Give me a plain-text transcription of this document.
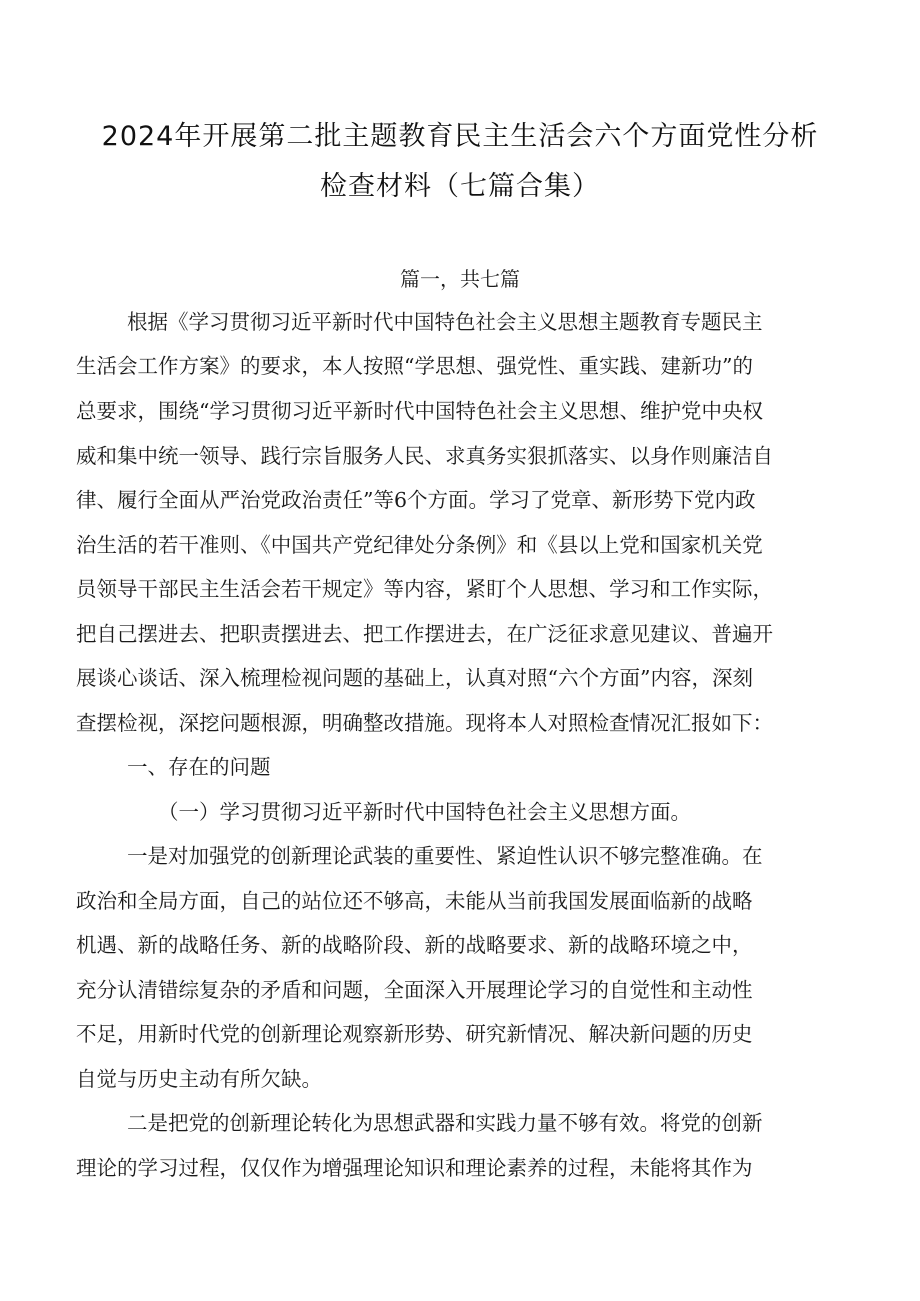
2024年开展第二批主题教育民主生活会六个方面党性分析
检查材料（七篇合集）
篇一，共七篇
根据《学习贯彻习近平新时代中国特色社会主义思想主题教育专题民主
生活会工作方案》的要求，本人按照“学思想、强党性、重实践、建新功”的
总要求，围绕“学习贯彻习近平新时代中国特色社会主义思想、维护党中央权
威和集中统一领导、践行宗旨服务人民、求真务实狠抓落实、以身作则廉洁自
律、履行全面从严治党政治责任”等6个方面。学习了党章、新形势下党内政
治生活的若干准则、《中国共产党纪律处分条例》和《县以上党和国家机关党
员领导干部民主生活会若干规定》等内容，紧盯个人思想、学习和工作实际，
把自己摆进去、把职责摆进去、把工作摆进去，在广泛征求意见建议、普遍开
展谈心谈话、深入梳理检视问题的基础上，认真对照“六个方面”内容，深刻
查摆检视，深挖问题根源，明确整改措施。现将本人对照检查情况汇报如下：
一、存在的问题
（一）学习贯彻习近平新时代中国特色社会主义思想方面。
一是对加强党的创新理论武装的重要性、紧迫性认识不够完整准确。在
政治和全局方面，自己的站位还不够高，未能从当前我国发展面临新的战略
机遇、新的战略任务、新的战略阶段、新的战略要求、新的战略环境之中，
充分认清错综复杂的矛盾和问题，全面深入开展理论学习的自觉性和主动性
不足，用新时代党的创新理论观察新形势、研究新情况、解决新问题的历史
自觉与历史主动有所欠缺。
二是把党的创新理论转化为思想武器和实践力量不够有效。将党的创新
理论的学习过程，仅仅作为增强理论知识和理论素养的过程，未能将其作为
